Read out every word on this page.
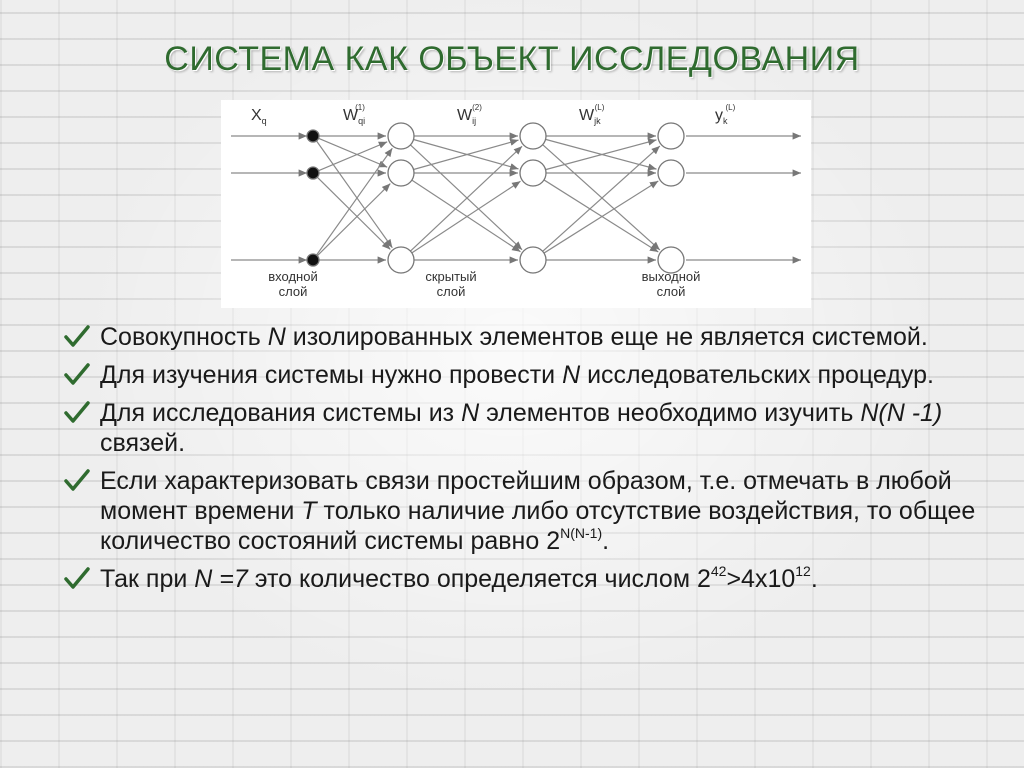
СИСТЕМА КАК ОБЪЕКТ ИССЛЕДОВАНИЯ
$X_q$	$W_{qi}(1)$	$W_{ij}(2)$	$W_{jk}(L)$	$y_k(L)$
входной
слой
скрытый
слой
выходной
слой
Совокупность N изолированных элементов еще не является системой.
Для изучения системы нужно провести N исследовательских процедур.
Для исследования системы из N элементов необходимо изучить N(N -1) связей.
Если характеризовать связи простейшим образом, т.е. отмечать в любой момент времени T только наличие либо отсутствие воздействия, то общее количество состояний системы равно $2^{N(N-1)}$.
Так при N =7 это количество определяется числом $2^{42}>4x10^{12}$.
